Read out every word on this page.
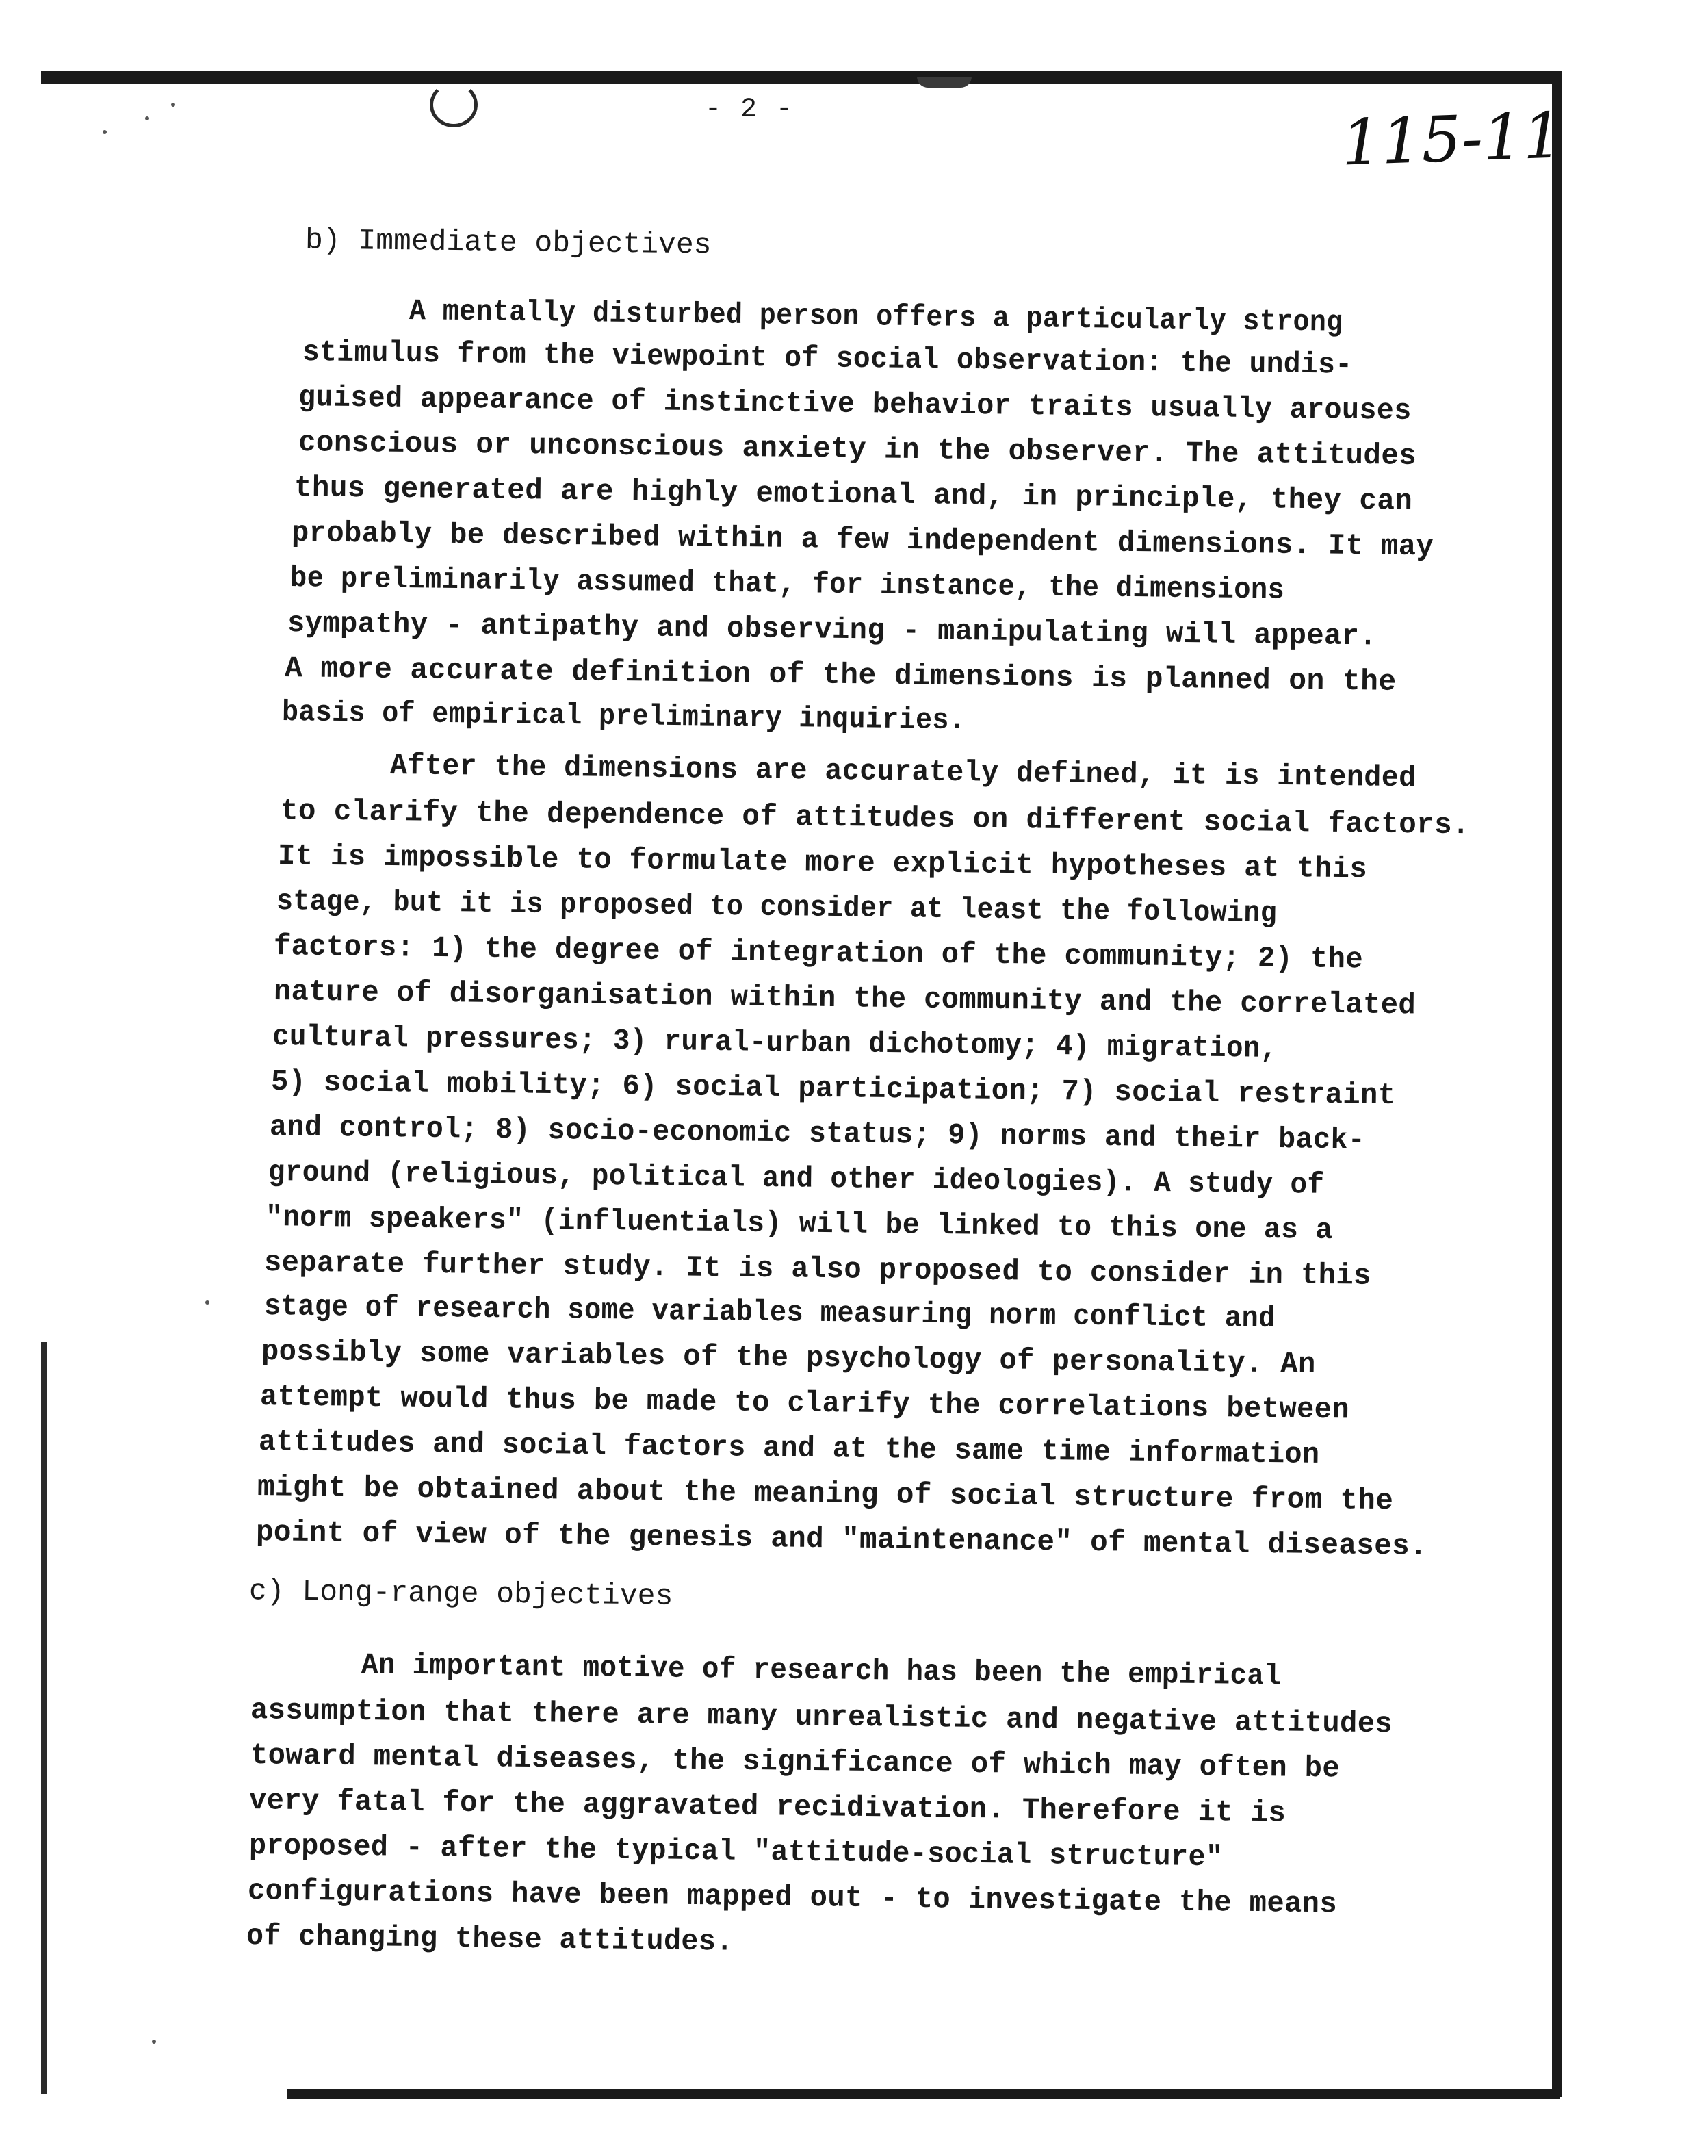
- 2 -	115-11
b) Immediate objectives
A mentally disturbed person offers a particularly strong
stimulus from the viewpoint of social observation: the undis-
guised appearance of instinctive behavior traits usually arouses
conscious or unconscious anxiety in the observer. The attitudes
thus generated are highly emotional and, in principle, they can
probably be described within a few independent dimensions. It may
be preliminarily assumed that, for instance, the dimensions
sympathy - antipathy and observing - manipulating will appear.
A more accurate definition of the dimensions is planned on the
basis of empirical preliminary inquiries.
After the dimensions are accurately defined, it is intended
to clarify the dependence of attitudes on different social factors.
It is impossible to formulate more explicit hypotheses at this
stage, but it is proposed to consider at least the following
factors: 1) the degree of integration of the community; 2) the
nature of disorganisation within the community and the correlated
cultural pressures; 3) rural-urban dichotomy; 4) migration,
5) social mobility; 6) social participation; 7) social restraint
and control; 8) socio-economic status; 9) norms and their back-
ground (religious, political and other ideologies). A study of
"norm speakers" (influentials) will be linked to this one as a
separate further study. It is also proposed to consider in this
stage of research some variables measuring norm conflict and
possibly some variables of the psychology of personality. An
attempt would thus be made to clarify the correlations between
attitudes and social factors and at the same time information
might be obtained about the meaning of social structure from the
point of view of the genesis and "maintenance" of mental diseases.
c) Long-range objectives
An important motive of research has been the empirical
assumption that there are many unrealistic and negative attitudes
toward mental diseases, the significance of which may often be
very fatal for the aggravated recidivation. Therefore it is
proposed - after the typical "attitude-social structure"
configurations have been mapped out - to investigate the means
of changing these attitudes.
